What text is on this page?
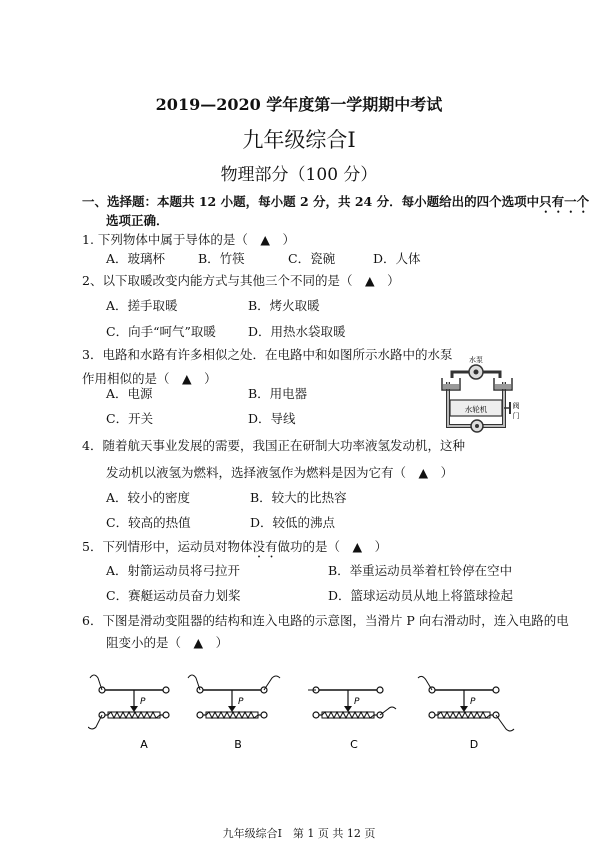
2019—2020 学年度第一学期期中考试
九年级综合Ⅰ
物理部分（100 分）
一、选择题：本题共 12 小题，每小题 2 分，共 24 分．每小题给出的四个选项中只有一个
选项正确．
1. 下列物体中属于导体的是（　▲　）
A．玻璃杯	B．竹筷	C．瓷碗	D．人体
2、以下取暖改变内能方式与其他三个不同的是（　▲　）
A．搓手取暖	B．烤火取暖
C．向手“呵气”取暖	D．用热水袋取暖
3．电路和水路有许多相似之处．在电路中和如图所示水路中的水泵
作用相似的是（　▲　）
A．电源	B．用电器
C．开关	D．导线
水泵
水轮机	阀
门
4．随着航天事业发展的需要，我国正在研制大功率液氢发动机，这种
发动机以液氢为燃料，选择液氢作为燃料是因为它有（　▲　）
A．较小的密度	B．较大的比热容
C．较高的热值	D．较低的沸点
5．下列情形中，运动员对物体没有做功的是（　▲　）
A．射箭运动员将弓拉开	B．举重运动员举着杠铃停在空中
C．赛艇运动员奋力划桨	D．篮球运动员从地上将篮球捡起
6．下图是滑动变阻器的结构和连入电路的示意图，当滑片 P 向右滑动时，连入电路的电
阻变小的是（　▲　）
P
A
P
B
P
C
P
D
九年级综合Ⅰ　第 1 页 共 12 页
